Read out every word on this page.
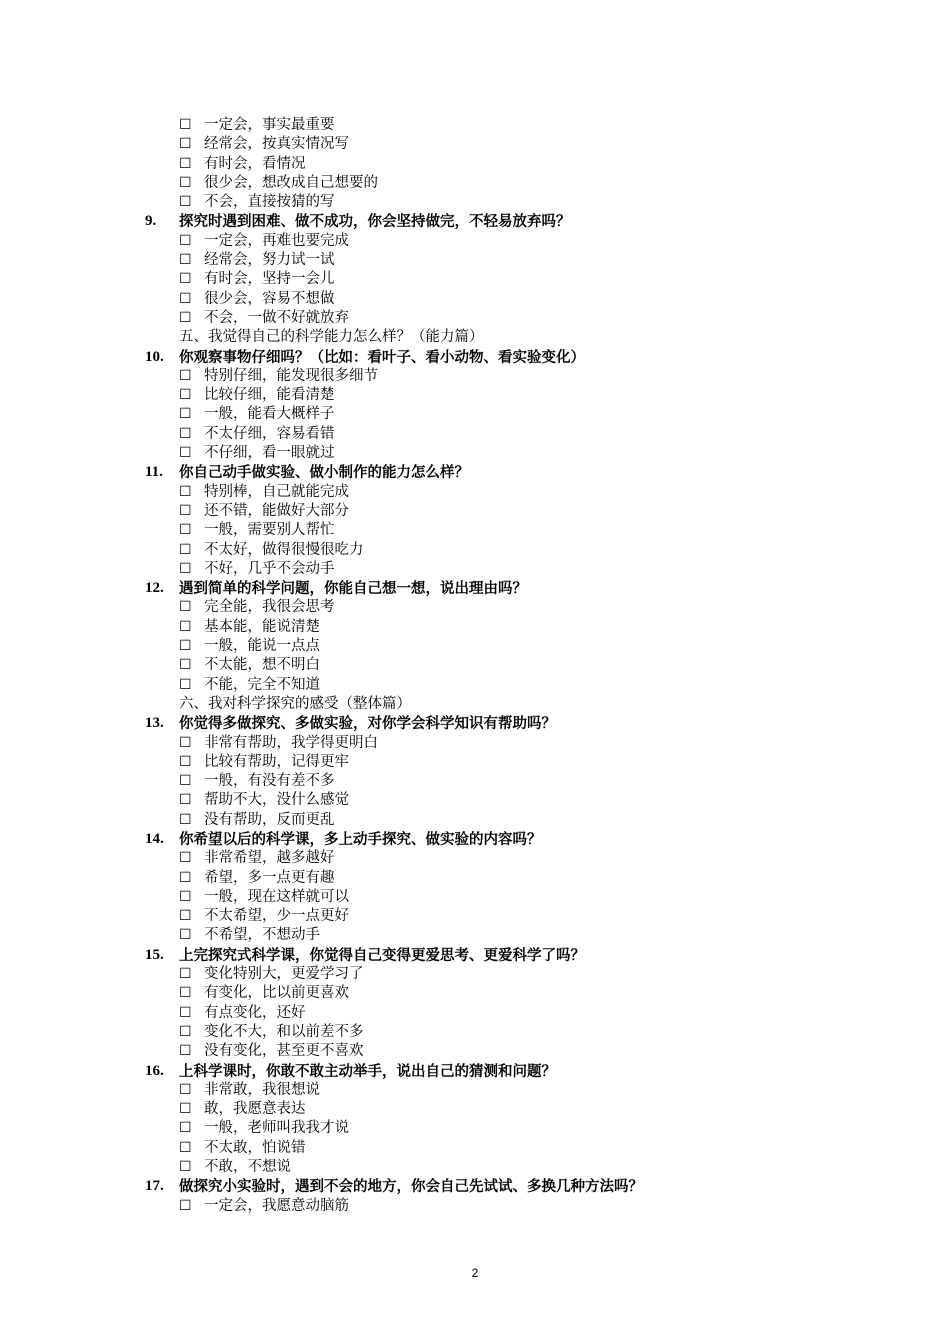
☐ 一定会，事实最重要
☐ 经常会，按真实情况写
☐ 有时会，看情况
☐ 很少会，想改成自己想要的
☐ 不会，直接按猜的写
9. 探究时遇到困难、做不成功，你会坚持做完，不轻易放弃吗？
☐ 一定会，再难也要完成
☐ 经常会，努力试一试
☐ 有时会，坚持一会儿
☐ 很少会，容易不想做
☐ 不会，一做不好就放弃
五、我觉得自己的科学能力怎么样？（能力篇）
10. 你观察事物仔细吗？（比如：看叶子、看小动物、看实验变化）
☐ 特别仔细，能发现很多细节
☐ 比较仔细，能看清楚
☐ 一般，能看大概样子
☐ 不太仔细，容易看错
☐ 不仔细，看一眼就过
11. 你自己动手做实验、做小制作的能力怎么样？
☐ 特别棒，自己就能完成
☐ 还不错，能做好大部分
☐ 一般，需要别人帮忙
☐ 不太好，做得很慢很吃力
☐ 不好，几乎不会动手
12. 遇到简单的科学问题，你能自己想一想，说出理由吗？
☐ 完全能，我很会思考
☐ 基本能，能说清楚
☐ 一般，能说一点点
☐ 不太能，想不明白
☐ 不能，完全不知道
六、我对科学探究的感受（整体篇）
13. 你觉得多做探究、多做实验，对你学会科学知识有帮助吗？
☐ 非常有帮助，我学得更明白
☐ 比较有帮助，记得更牢
☐ 一般，有没有差不多
☐ 帮助不大，没什么感觉
☐ 没有帮助，反而更乱
14. 你希望以后的科学课，多上动手探究、做实验的内容吗？
☐ 非常希望，越多越好
☐ 希望，多一点更有趣
☐ 一般，现在这样就可以
☐ 不太希望，少一点更好
☐ 不希望，不想动手
15. 上完探究式科学课，你觉得自己变得更爱思考、更爱科学了吗？
☐ 变化特别大，更爱学习了
☐ 有变化，比以前更喜欢
☐ 有点变化，还好
☐ 变化不大，和以前差不多
☐ 没有变化，甚至更不喜欢
16. 上科学课时，你敢不敢主动举手，说出自己的猜测和问题？
☐ 非常敢，我很想说
☐ 敢，我愿意表达
☐ 一般，老师叫我我才说
☐ 不太敢，怕说错
☐ 不敢，不想说
17. 做探究小实验时，遇到不会的地方，你会自己先试试、多换几种方法吗？
☐ 一定会，我愿意动脑筋
2
